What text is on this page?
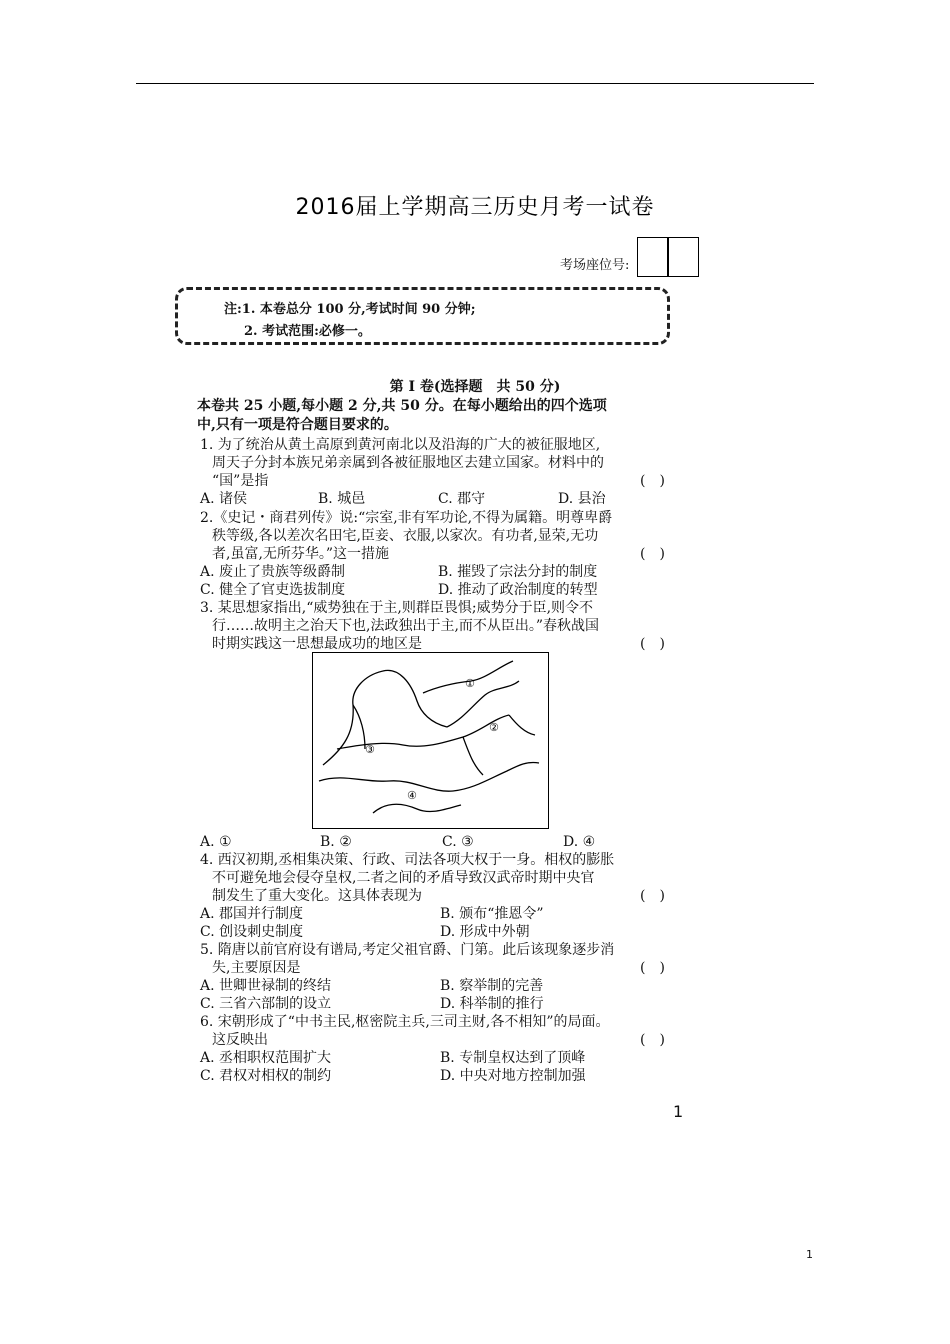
2016届上学期高三历史月考一试卷
考场座位号:
注:1. 本卷总分 100 分,考试时间 90 分钟;
2. 考试范围:必修一。
第 Ⅰ 卷(选择题　共 50 分)
本卷共 25 小题,每小题 2 分,共 50 分。在每小题给出的四个选项
中,只有一项是符合题目要求的。
1. 为了统治从黄土高原到黄河南北以及沿海的广大的被征服地区,
周天子分封本族兄弟亲属到各被征服地区去建立国家。材料中的
“国”是指	(　)
A. 诸侯	B. 城邑	C. 郡守	D. 县治
2.《史记・商君列传》说:“宗室,非有军功论,不得为属籍。明尊卑爵
秩等级,各以差次名田宅,臣妾、衣服,以家次。有功者,显荣,无功
者,虽富,无所芬华。”这一措施	(　)
A. 废止了贵族等级爵制	B. 摧毁了宗法分封的制度
C. 健全了官吏选拔制度	D. 推动了政治制度的转型
3. 某思想家指出,“威势独在于主,则群臣畏惧;威势分于臣,则令不
行……故明主之治天下也,法政独出于主,而不从臣出。”春秋战国
时期实践这一思想最成功的地区是	(　)
①
②
③
④
A. ①	B. ②	C. ③	D. ④
4. 西汉初期,丞相集决策、行政、司法各项大权于一身。相权的膨胀
不可避免地会侵夺皇权,二者之间的矛盾导致汉武帝时期中央官
制发生了重大变化。这具体表现为	(　)
A. 郡国并行制度	B. 颁布“推恩令”
C. 创设刺史制度	D. 形成中外朝
5. 隋唐以前官府设有谱局,考定父祖官爵、门第。此后该现象逐步消
失,主要原因是	(　)
A. 世卿世禄制的终结	B. 察举制的完善
C. 三省六部制的设立	D. 科举制的推行
6. 宋朝形成了“中书主民,枢密院主兵,三司主财,各不相知”的局面。
这反映出	(　)
A. 丞相职权范围扩大	B. 专制皇权达到了顶峰
C. 君权对相权的制约	D. 中央对地方控制加强
1
1
